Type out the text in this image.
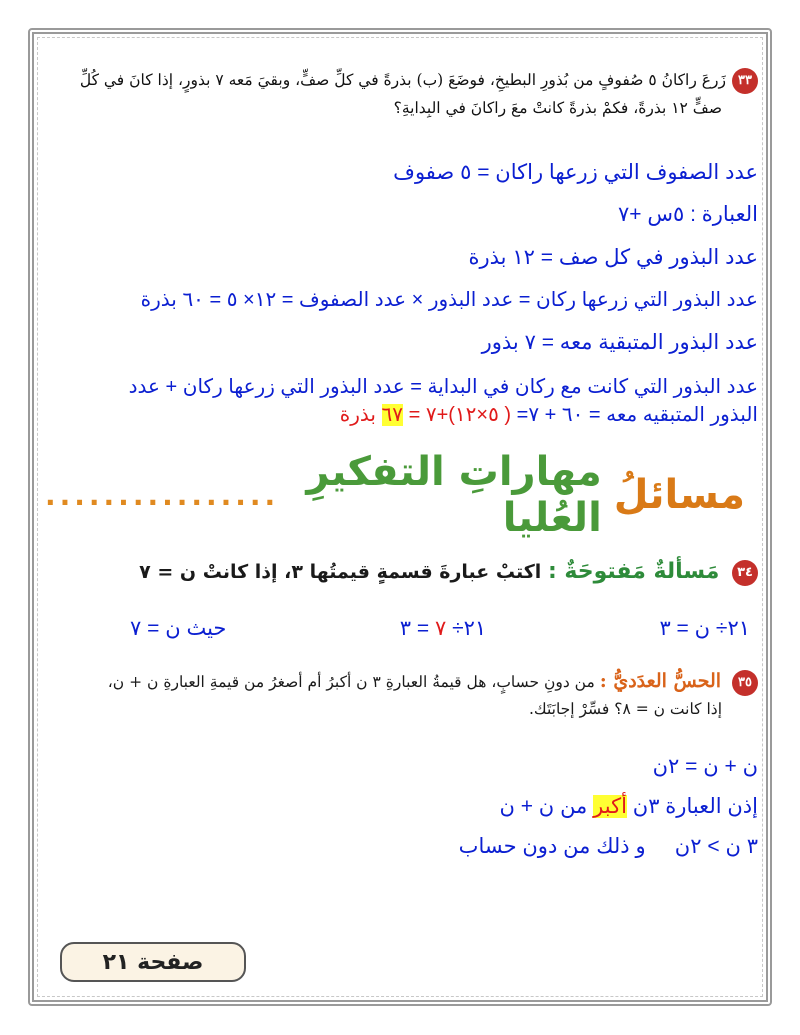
٣٣زَرعَ راكانُ ٥ صُفوفٍ من بُذورِ البطيخِ، فوضَعَ (ب) بذرةً في كلِّ صفٍّ، وبقيَ مَعه ٧ بذورٍ، إذا كانَ في كُلِّ
صفٍّ ١٢ بذرةً، فكمْ بذرةً كانتْ معَ راكانَ في البِدايةِ؟
عدد الصفوف التي زرعها راكان = ٥ صفوف
العبارة : ٥س +٧
عدد البذور في كل صف = ١٢ بذرة
عدد البذور التي زرعها ركان = عدد البذور × عدد الصفوف = ١٢× ٥ = ٦٠ بذرة
عدد البذور المتبقية معه = ٧ بذور
عدد البذور التي كانت مع ركان في البداية = عدد البذور التي زرعها ركان + عدد
البذور المتبقيه معه = ٦٠ + ٧= ( ٥×١٢)+٧ = ٦٧ بذرة
مسائلُ
مهاراتِ التفكيرِ العُليا
................
٣٤ مَسألةٌ مَفتوحَةٌ : اكتبْ عبارةَ قسمةٍ قيمتُها ٣، إذا كانتْ ن = ٧
٢١÷ ن = ٣
٢١÷ ٧ = ٣
حيث ن = ٧
٣٥ الحسُّ العدَديُّ : من دونِ حسابٍ، هل قيمةُ العبارةِ ٣ ن أكبرُ أم أصغرُ من قيمةِ العبارةِ ن + ن،
إذا كانت ن = ٨؟ فسِّرْ إجابَتَك.
ن + ن = ٢ن
إذن العبارة ٣ن أكبر من ن + ن
٣ ن > ٢ن     و ذلك من دون حساب
صفحة ٢١
